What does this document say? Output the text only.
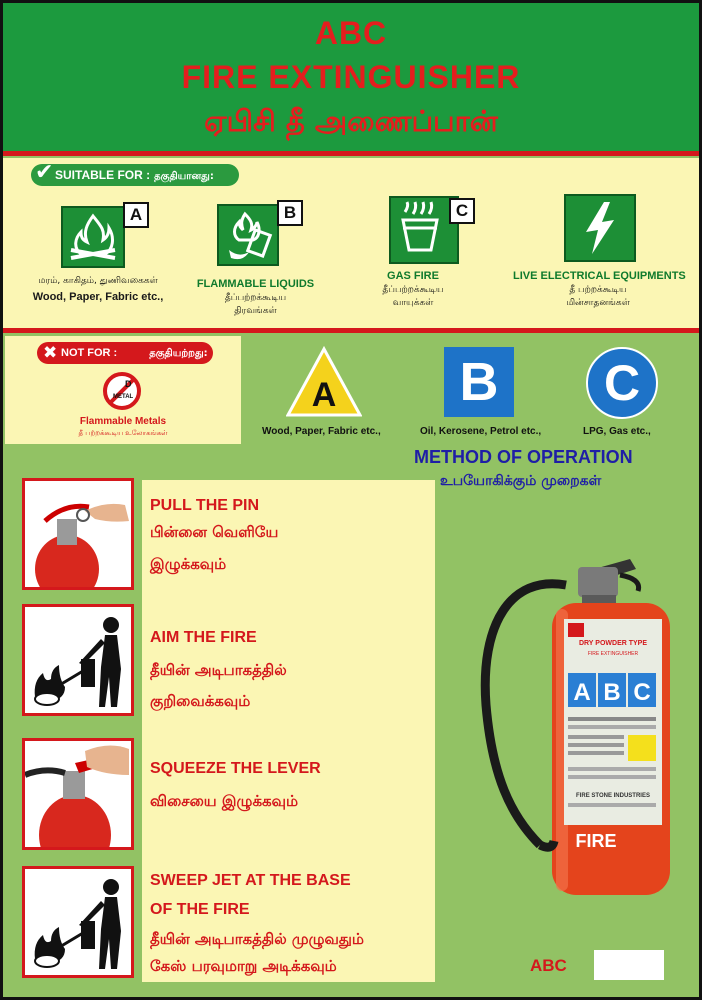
ABC
FIRE EXTINGUISHER
ஏபிசி தீ அணைப்பான்
✔ SUITABLE FOR : தகுதியானது:
A
மரம், காகிதம், துணிவகைகள்
Wood, Paper, Fabric etc.,
B
FLAMMABLE LIQUIDS
தீப்பற்றக்கூடிய
திரவங்கள்
C
GAS FIRE
தீப்பற்றக்கூடிய
வாயுக்கள்
LIVE ELECTRICAL EQUIPMENTS
தீ பற்றக்கூடிய
மின்சாதனங்கள்
✖ NOT FOR :	தகுதியற்றது:
D
METAL
Flammable Metals
தீ பற்றக்கூடிய உலோகங்கள்
A
Wood, Paper, Fabric etc.,
B
Oil, Kerosene, Petrol etc.,
C
LPG, Gas etc.,
METHOD OF OPERATION
உபயோகிக்கும் முறைகள்
PULL THE PIN
பின்னை வெளியே
இழுக்கவும்
AIM THE FIRE
தீயின் அடிபாகத்தில்
குறிவைக்கவும்
SQUEEZE THE LEVER
விசையை இழுக்கவும்
SWEEP JET AT THE BASE
OF THE FIRE
தீயின் அடிபாகத்தில் முழுவதும்
கேஸ் பரவுமாறு அடிக்கவும்
DRY POWDER TYPE
FIRE EXTINGUISHER
A B C
FIRE STONE INDUSTRIES
FIRE
ABC
